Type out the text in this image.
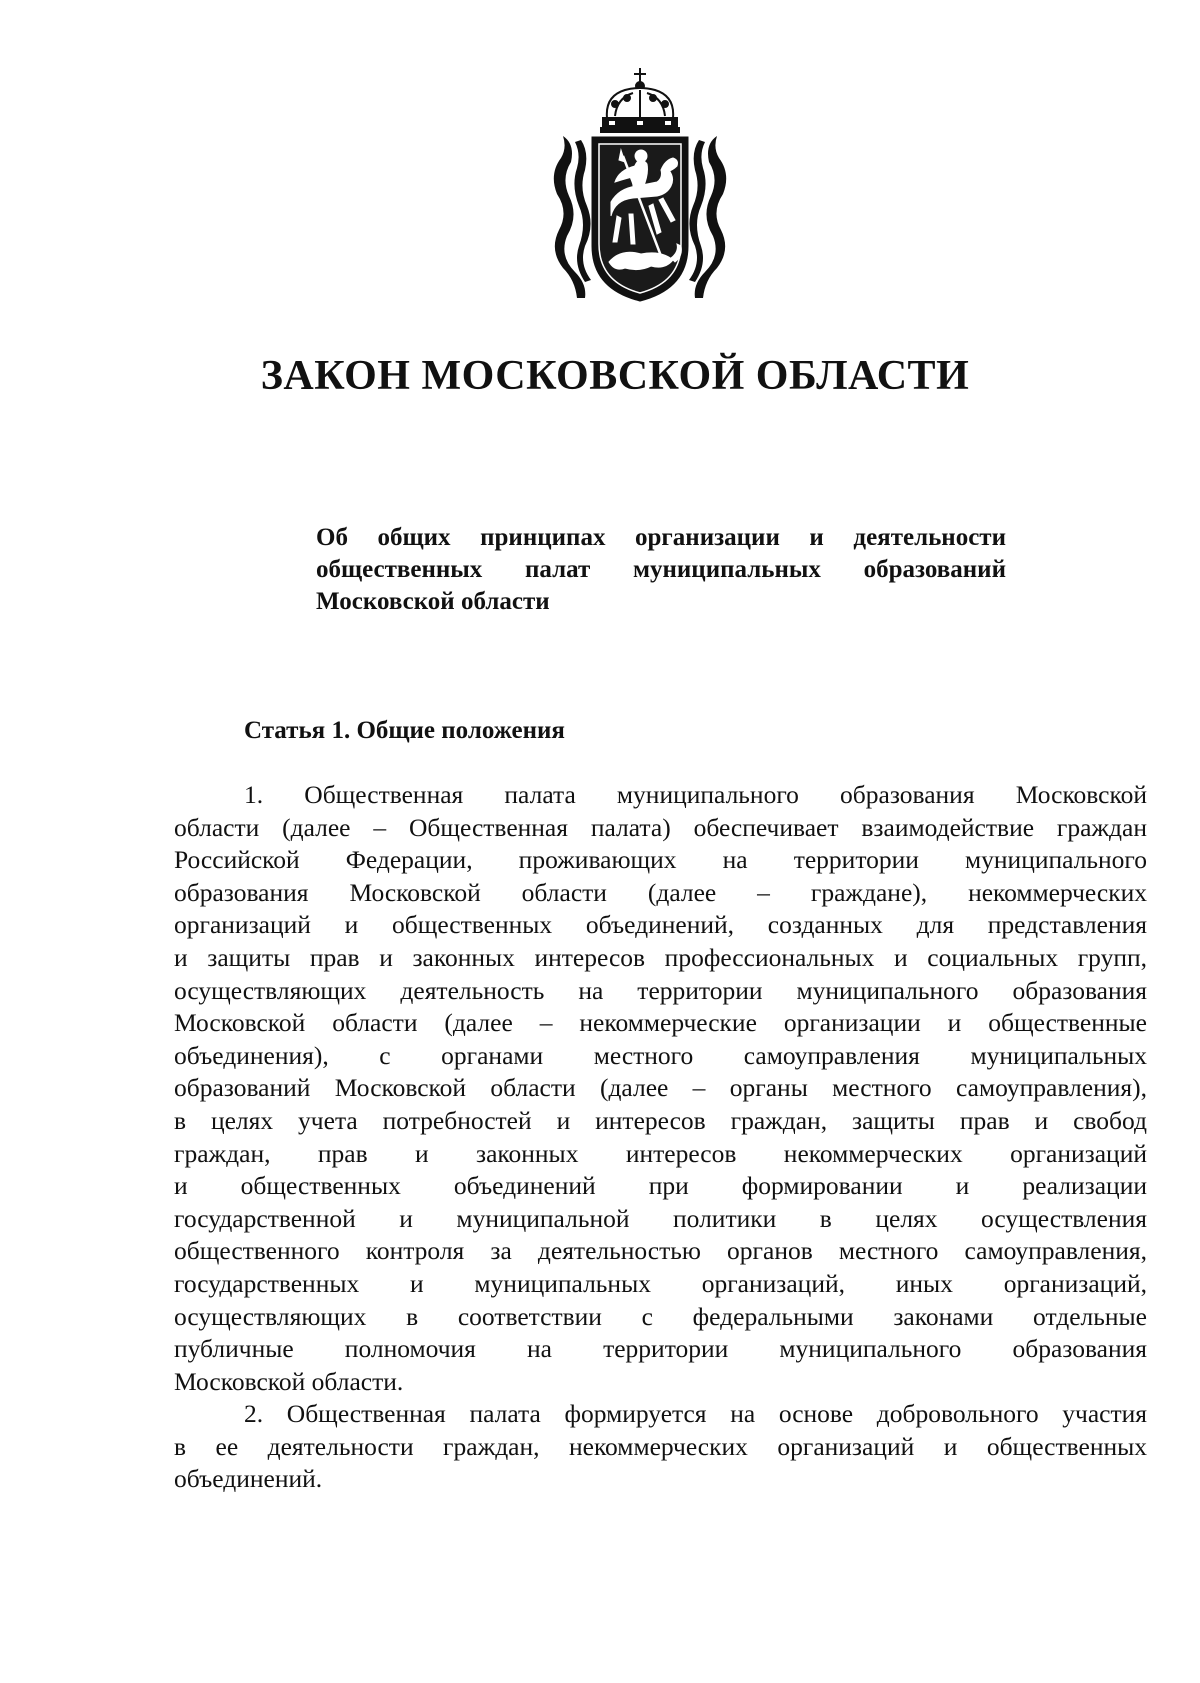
ЗАКОН МОСКОВСКОЙ ОБЛАСТИ
Об общих принципах организации и деятельности
общественных палат муниципальных образований
Московской области
Статья 1. Общие положения

1. Общественная палата муниципального образования Московской
области (далее – Общественная палата) обеспечивает взаимодействие граждан
Российской Федерации, проживающих на территории муниципального
образования Московской области (далее – граждане), некоммерческих
организаций и общественных объединений, созданных для представления
и защиты прав и законных интересов профессиональных и социальных групп,
осуществляющих деятельность на территории муниципального образования
Московской области (далее – некоммерческие организации и общественные
объединения), с органами местного самоуправления муниципальных
образований Московской области (далее – органы местного самоуправления),
в целях учета потребностей и интересов граждан, защиты прав и свобод
граждан, прав и законных интересов некоммерческих организаций
и общественных объединений при формировании и реализации
государственной и муниципальной политики в целях осуществления
общественного контроля за деятельностью органов местного самоуправления,
государственных и муниципальных организаций, иных организаций,
осуществляющих в соответствии с федеральными законами отдельные
публичные полномочия на территории муниципального образования
Московской области.

2. Общественная палата формируется на основе добровольного участия
в ее деятельности граждан, некоммерческих организаций и общественных
объединений.
